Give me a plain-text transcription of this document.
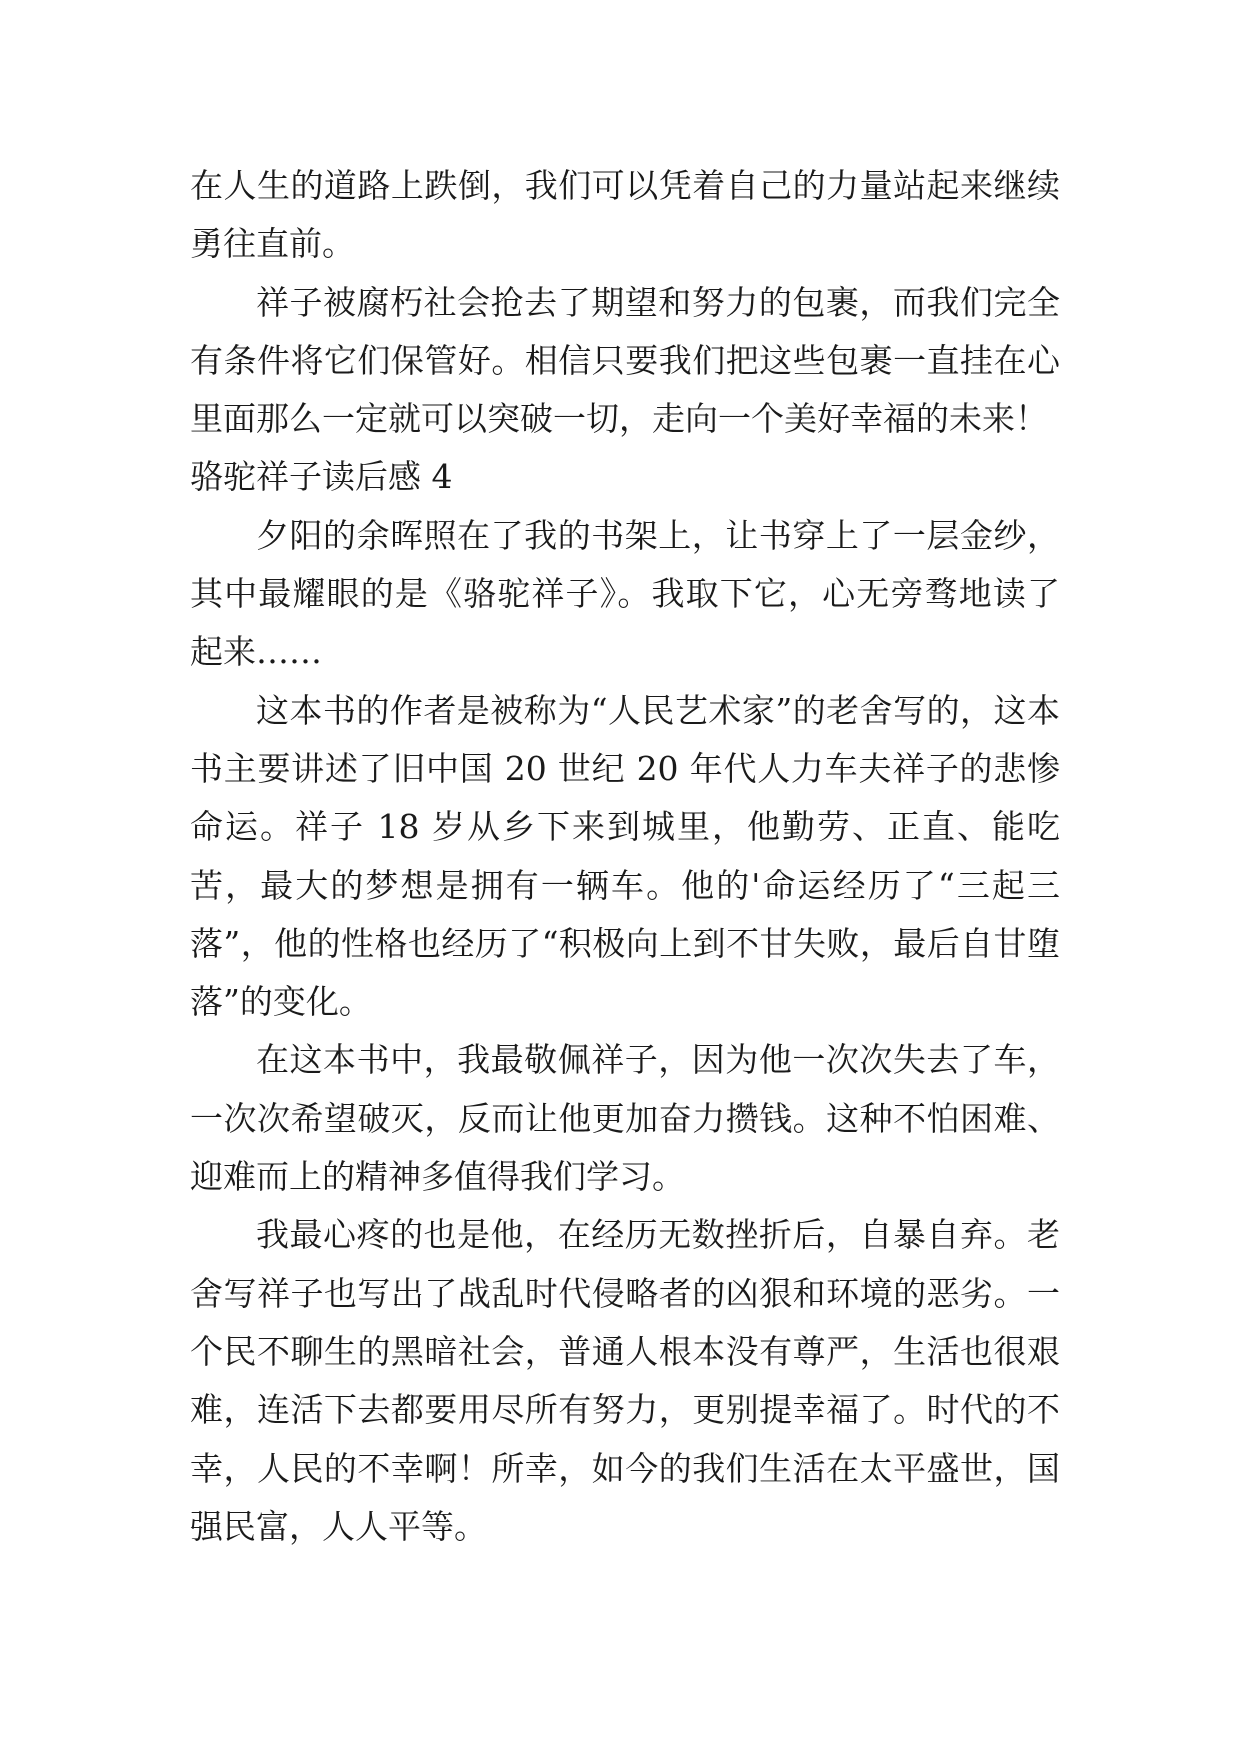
在人生的道路上跌倒，我们可以凭着自己的力量站起来继续勇往直前。

祥子被腐朽社会抢去了期望和努力的包裹，而我们完全有条件将它们保管好。相信只要我们把这些包裹一直挂在心里面那么一定就可以突破一切，走向一个美好幸福的未来！

骆驼祥子读后感 4

夕阳的余晖照在了我的书架上，让书穿上了一层金纱，其中最耀眼的是《骆驼祥子》。我取下它，心无旁骛地读了起来……

这本书的作者是被称为“人民艺术家”的老舍写的，这本书主要讲述了旧中国 20 世纪 20 年代人力车夫祥子的悲惨命运。祥子 18 岁从乡下来到城里，他勤劳、正直、能吃苦，最大的梦想是拥有一辆车。他的'命运经历了“三起三落”，他的性格也经历了“积极向上到不甘失败，最后自甘堕落”的变化。

在这本书中，我最敬佩祥子，因为他一次次失去了车，一次次希望破灭，反而让他更加奋力攒钱。这种不怕困难、迎难而上的精神多值得我们学习。

我最心疼的也是他，在经历无数挫折后，自暴自弃。老舍写祥子也写出了战乱时代侵略者的凶狠和环境的恶劣。一个民不聊生的黑暗社会，普通人根本没有尊严，生活也很艰难，连活下去都要用尽所有努力，更别提幸福了。时代的不幸，人民的不幸啊！所幸，如今的我们生活在太平盛世，国强民富，人人平等。
